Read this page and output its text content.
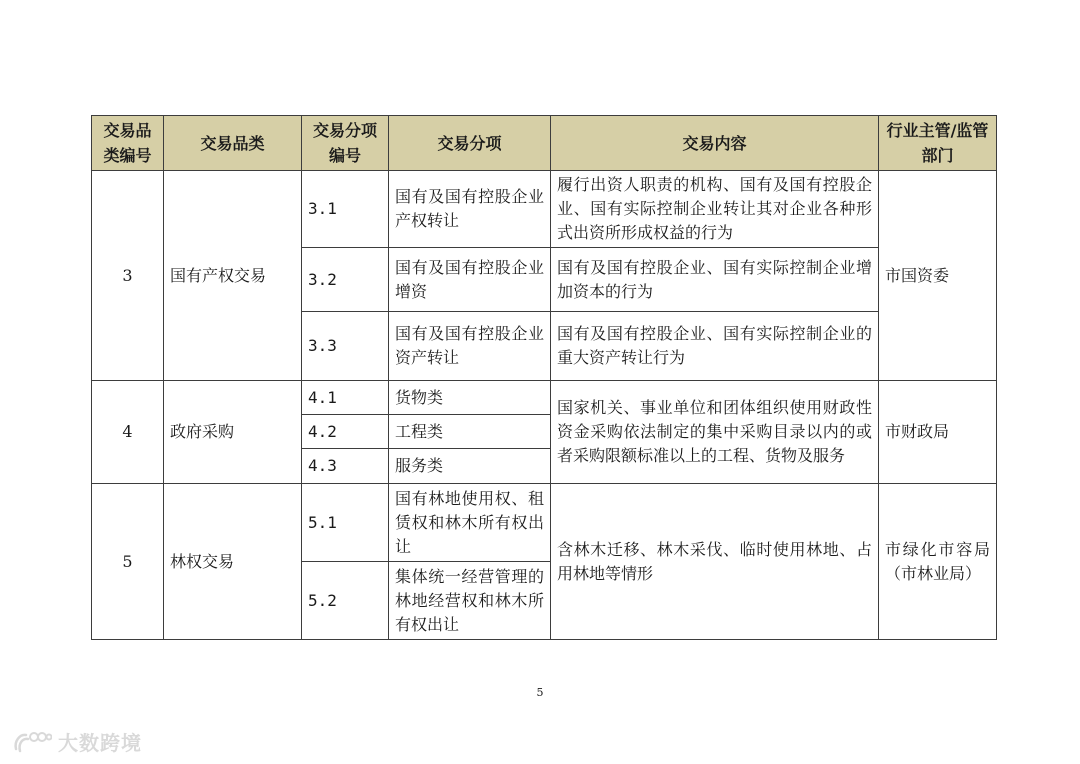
交易品类编号	交易品类	交易分项编号	交易分项	交易内容	行业主管/监管部门
3	国有产权交易	3.1	国有及国有控股企业产权转让	履行出资人职责的机构、国有及国有控股企业、国有实际控制企业转让其对企业各种形式出资所形成权益的行为	市国资委
		3.2	国有及国有控股企业增资	国有及国有控股企业、国有实际控制企业增加资本的行为	
		3.3	国有及国有控股企业资产转让	国有及国有控股企业、国有实际控制企业的重大资产转让行为	
4	政府采购	4.1	货物类	国家机关、事业单位和团体组织使用财政性资金采购依法制定的集中采购目录以内的或者采购限额标准以上的工程、货物及服务	市财政局
		4.2	工程类		
		4.3	服务类		
5	林权交易	5.1	国有林地使用权、租赁权和林木所有权出让	含林木迁移、林木采伐、临时使用林地、占用林地等情形	市绿化市容局（市林业局）
		5.2	集体统一经营管理的林地经营权和林木所有权出让		
5
大数跨境
